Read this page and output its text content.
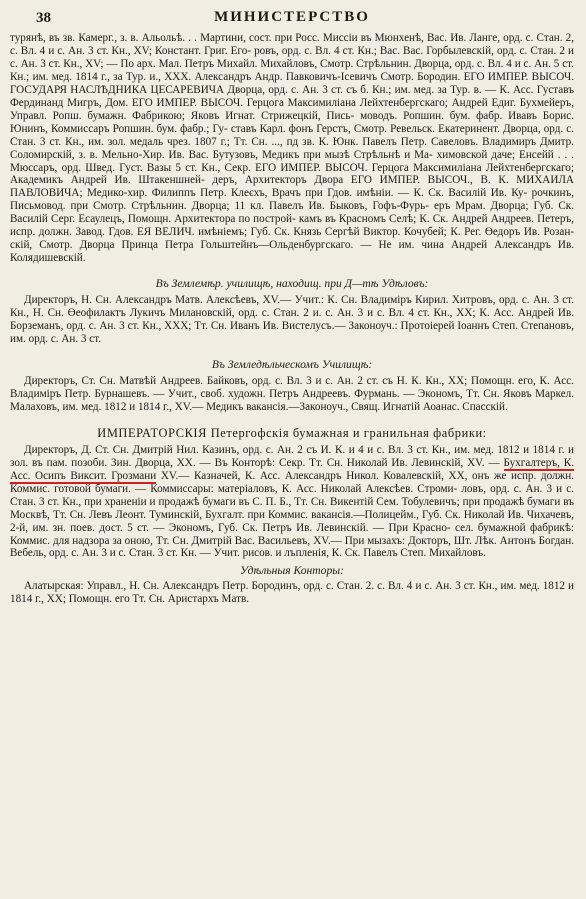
38	МИНИСТЕРСТВО
турянѣ, въ зв. Камерг., з. в. Альольѣ. . . Мартини, сост. при Росс. Миссіи въ Мюнхенѣ, Вас. Ив. Ланге, орд. с. Стан. 2, с. Вл. 4 и с. Ан. 3 ст. Кн., XV; Констант. Григ. Его- ровъ, орд. с. Вл. 4 ст. Кн.; Вас. Вас. Горбылевскій, орд. с. Стан. 2 и с. Ан. 3 ст. Кн., XV; — По арх. Мал. Петръ Михайл. Михайловъ, Смотр. Стрѣльнин. Дворца, орд. с. Вл. 4 и с. Ан. 5 ст. Кн.; им. мед. 1814 г., за Тур. и., XXX. Александръ Андр. Павковичъ-Ісевичъ Смотр. Бородин. ЕГО ИМПЕР. ВЫСОЧ. ГОСУДАРЯ НАСЛѢДНИКА ЦЕСАРЕВИЧА Дворца, орд. с. Ан. 3 ст. съ б. Кн.; им. мед. за Тур. в. — К. Асс. Густавъ Фердинанд Мигръ, Дом. ЕГО ИМПЕР. ВЫСОЧ. Герцога Максимиліана Лейхтенбергскаго; Андрей Едиг. Бухмейеръ, Управл. Ропш. бумажн. Фабрикою; Яковъ Игнат. Стрижецкій, Пись- моводъ. Ропшин. бум. фабр. Ивавъ Борис. Юнинъ, Коммиссаръ Ропшин. бум. фабр.; Гу- ставъ Карл. фонъ Герстъ, Смотр. Ревельск. Екатеринент. Дворца, орд. с. Стан. 3 ст. Кн., им. зол. медаль чрез. 1807 г.; Тт. Сн. ..., пд зв. К. Юнк. Павелъ Петр. Савеловъ. Владимиръ Дмитр. Соломирскій, з. в. Мельно-Хир. Ив. Вас. Бутузовъ, Медикъ при мызѣ Стрѣльнѣ и Ма- химовской даче; Енсейй . . . Мюссаръ, орд. Швед. Густ. Вазы 5 ст. Кн., Секр. ЕГО ИМПЕР. ВЫСОЧ. Герцога Максимиліана Лейхтенбергскаго; Академикъ Андрей Ив. Штакеншней- деръ, Архитекторъ Двора ЕГО ИМПЕР. ВЫСОЧ., В. К. МИХАИЛА ПАВЛОВИЧА; Медико-хир. Филиппъ Петр. Клеєхъ, Врачъ при Гдов. имѣніи. — К. Ск. Василій Ив. Ку- рочкинъ, Письмовод. при Смотр. Стрѣльнин. Дворца; 11 кл. Павелъ Ив. Быковъ, Гофъ-Фурь- еръ Мрам. Дворца; Губ. Ск. Василій Серг. Есаулецъ, Помощн. Архитектора по построй- камъ въ Красномъ Селѣ; К. Ск. Андрей Андреев. Петеръ, испр. должн. Завод. Гдов. ЕЯ ВЕЛИЧ. имѣніемъ; Губ. Ск. Князь Сергѣй Виктор. Кочубей; К. Рег. Өедоръ Ив. Розан- скій, Смотр. Дворца Принца Петра Гольштейнъ—Ольденбургскаго. — Не им. чина Андрей Александръ Ив. Колядишевскій.
Въ Землемѣр. училищѣ, находищ. при Д—тѣ Удѣловъ:
Директоръ, Н. Сн. Александръ Матв. Алексѣевъ, XV.— Учит.: К. Сн. Владиміръ Кирил. Хитровъ, орд. с. Ан. 3 ст. Кн., Н. Сн. Өеофилактъ Лукичъ Милановскій, орд. с. Стан. 2 и. с. Ан. 3 и с. Вл. 4 ст. Кн., XX; К. Асс. Андрей Ив. Борземанъ, орд. с. Ан. 3 ст. Кн., XXX; Тт. Сн. Иванъ Ив. Вистелусъ.— Законоуч.: Протоіерей Іоаннъ Степ. Степановъ, им. орд. с. Ан. 3 ст.
Въ Земледѣльческомъ Училищѣ:
Директоръ, Ст. Сн. Матвѣй Андреев. Байковъ, орд. с. Вл. 3 и с. Ан. 2 ст. съ Н. К. Кн., XX; Помощн. его, К. Асс. Владиміръ Петр. Бурнашевъ. — Учит., своб. художн. Петръ Андреевъ. Фурмань. — Экономъ, Тт. Сн. Яковъ Маркел. Малаховъ, им. мед. 1812 и 1814 г., XV.— Медикъ вакансія.—Законоуч., Свящ. Игнатій Аоанас. Спасскій.
ИМПЕРАТОРСКІЯ Петергофскія бумажная и гранильная фабрики:
Директоръ, Д. Ст. Сн. Дмитрій Нил. Казинъ, орд. с. Ан. 2 съ И. К. и 4 и с. Вл. 3 ст. Кн., им. мед. 1812 и 1814 г. и зол. въ пам. позоби. Зин. Дворца, XX. — Въ Конторѣ: Секр. Тт. Сн. Николай Ив. Левинскій, XV. — Бухгалтеръ, К. Асс. Осипъ Виксит. Грозмани XV.— Казначей, К. Асс. Александръ Никол. Ковалевскій, XX, онъ же испр. должн. Коммис. готовой бумаги. — Коммиссары: матеріаловъ, К. Асс. Николай Алексѣев. Строми- ловъ, орд. с. Ан. 3 и с. Стан. 3 ст. Кн., при храненіи и продажѣ бумаги въ С. П. Б., Тт. Сн. Викентій Сем. Тобулевичъ; при продажѣ бумаги въ Москвѣ, Тт. Сн. Левъ Леонт. Туминскій, Бухгалт. при Коммис. вакансія.—Полицейм., Губ. Ск. Николай Ив. Чихачевъ, 2-й, им. зн. поев. дост. 5 ст. — Экономъ, Губ. Ск. Петръ Ив. Левинскій. — При Красно- сел. бумажной фабрикѣ: Коммис. для надзора за оною, Тт. Сн. Дмитрій Вас. Васильевъ, XV.— При мызахъ: Докторъ, Шт. Лѣк. Антонъ Богдан. Вебель, орд. с. Ан. 3 и с. Стан. 3 ст. Кн. — Учит. рисов. и лъпленія, К. Ск. Павелъ Степ. Михайловъ.
Удѣльныя Конторы:
Алатырская: Управл., Н. Сн. Александръ Петр. Бородинъ, орд. с. Стан. 2. с. Вл. 4 и с. Ан. 3 ст. Кн., им. мед. 1812 и 1814 г., XX; Помощн. его Тт. Сн. Аристархъ Матв.
